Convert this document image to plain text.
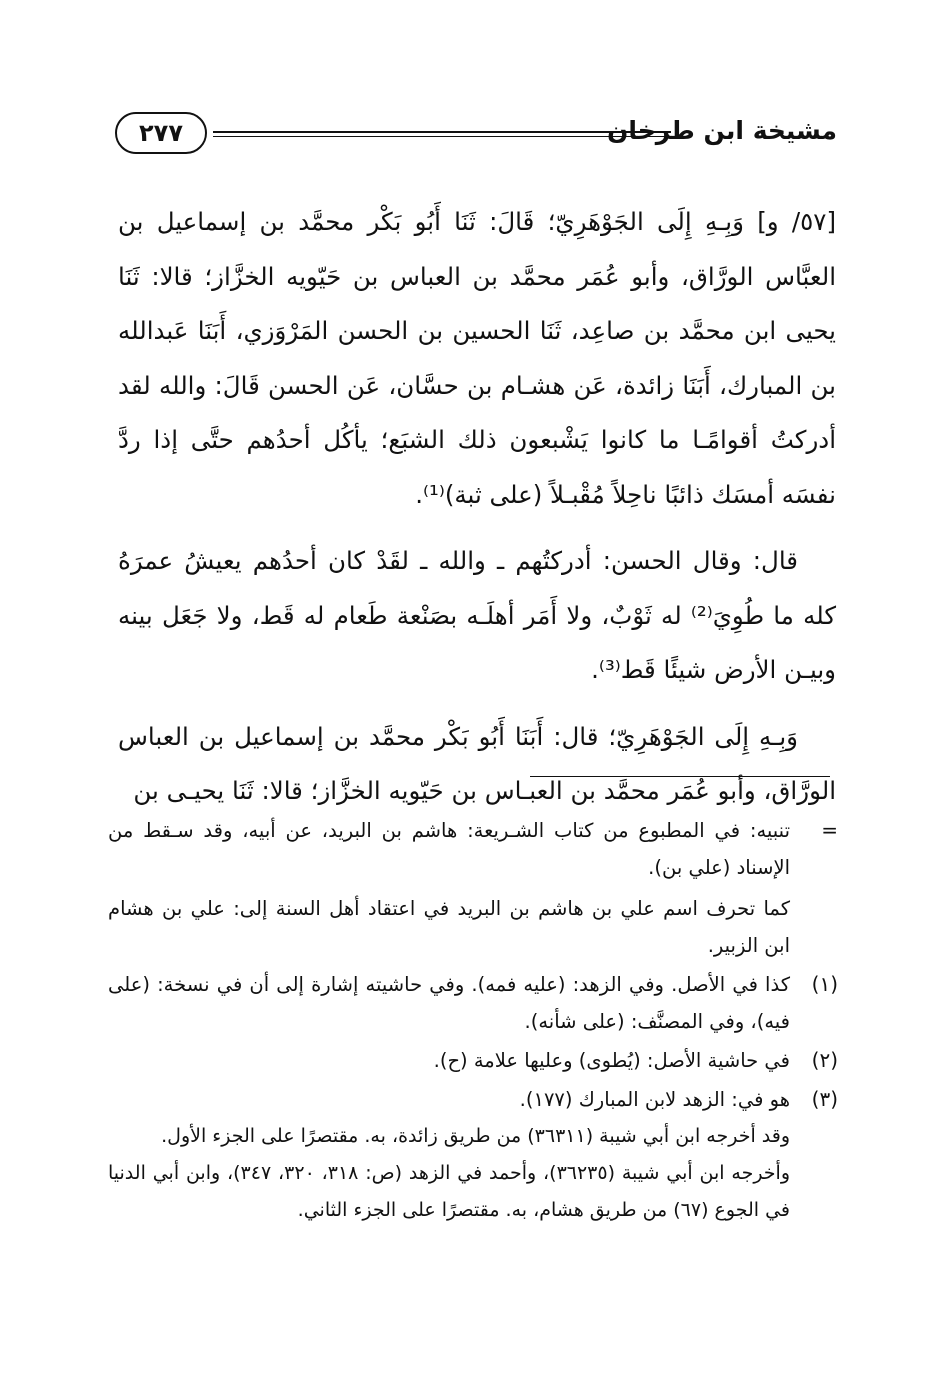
مشيخة ابن طرخان
٢٧٧

[٥٧/ و] وَبِـهِ إِلَى الجَوْهَرِيّ؛ قَالَ: ثَنَا أَبُو بَكْر محمَّد بن إسماعيل بن العبَّاس الورَّاق، وأبو عُمَر محمَّد بن العباس بن حَيّويه الخزَّاز؛ قالا: ثَنَا يحيى ابن محمَّد بن صاعِد، ثَنَا الحسين بن الحسن المَرْوَزي، أَبَنَا عَبدالله بن المبارك، أَبَنَا زائدة، عَن هشـام بن حسَّان، عَن الحسن قَالَ: والله لقد أدركتُ أقوامًـا ما كانوا يَشْبعون ذلك الشبَع؛ يأكُل أحدُهم حتَّى إذا ردَّ نفسَه أمسَك ذائبًا ناحِلاً مُقْبـلاً (على ثبة)⁽¹⁾.

قال: وقال الحسن: أدركتُهم ـ والله ـ لقَدْ كان أحدُهم يعيشُ عمرَهُ كله ما طُوِيَ⁽²⁾ له ثَوْبٌ، ولا أَمَر أهلَـه بصَنْعة طَعام له قَط، ولا جَعَل بينه وبيـن الأرض شيئًا قَط⁽³⁾.

وَبِـهِ إِلَى الجَوْهَرِيّ؛ قال: أَبَنَا أَبُو بَكْر محمَّد بن إسماعيل بن العباس الورَّاق، وأبو عُمَر محمَّد بن العبـاس بن حَيّويه الخزَّاز؛ قالا: ثَنَا يحيـى بن

=

تنبيه: في المطبوع من كتاب الشـريعة: هاشم بن البريد، عن أبيه، وقد سـقط من الإسناد (علي بن).

كما تحرف اسم علي بن هاشم بن البريد في اعتقاد أهل السنة إلى: علي بن هشام ابن الزبير.

(١)
كذا في الأصل. وفي الزهد: (عليه فمه). وفي حاشيته إشارة إلى أن في نسخة: (على فيه)، وفي المصنَّف: (على شأنه).
(٢)
في حاشية الأصل: (يُطوى) وعليها علامة (ح).
(٣)
هو في: الزهد لابن المبارك (١٧٧).
وقد أخرجه ابن أبي شيبة (٣٦٣١١) من طريق زائدة، به. مقتصرًا على الجزء الأول.
وأخرجه ابن أبي شيبة (٣٦٢٣٥)، وأحمد في الزهد (ص: ٣١٨، ٣٢٠، ٣٤٧)، وابن أبي الدنيا في الجوع (٦٧) من طريق هشام، به. مقتصرًا على الجزء الثاني.
